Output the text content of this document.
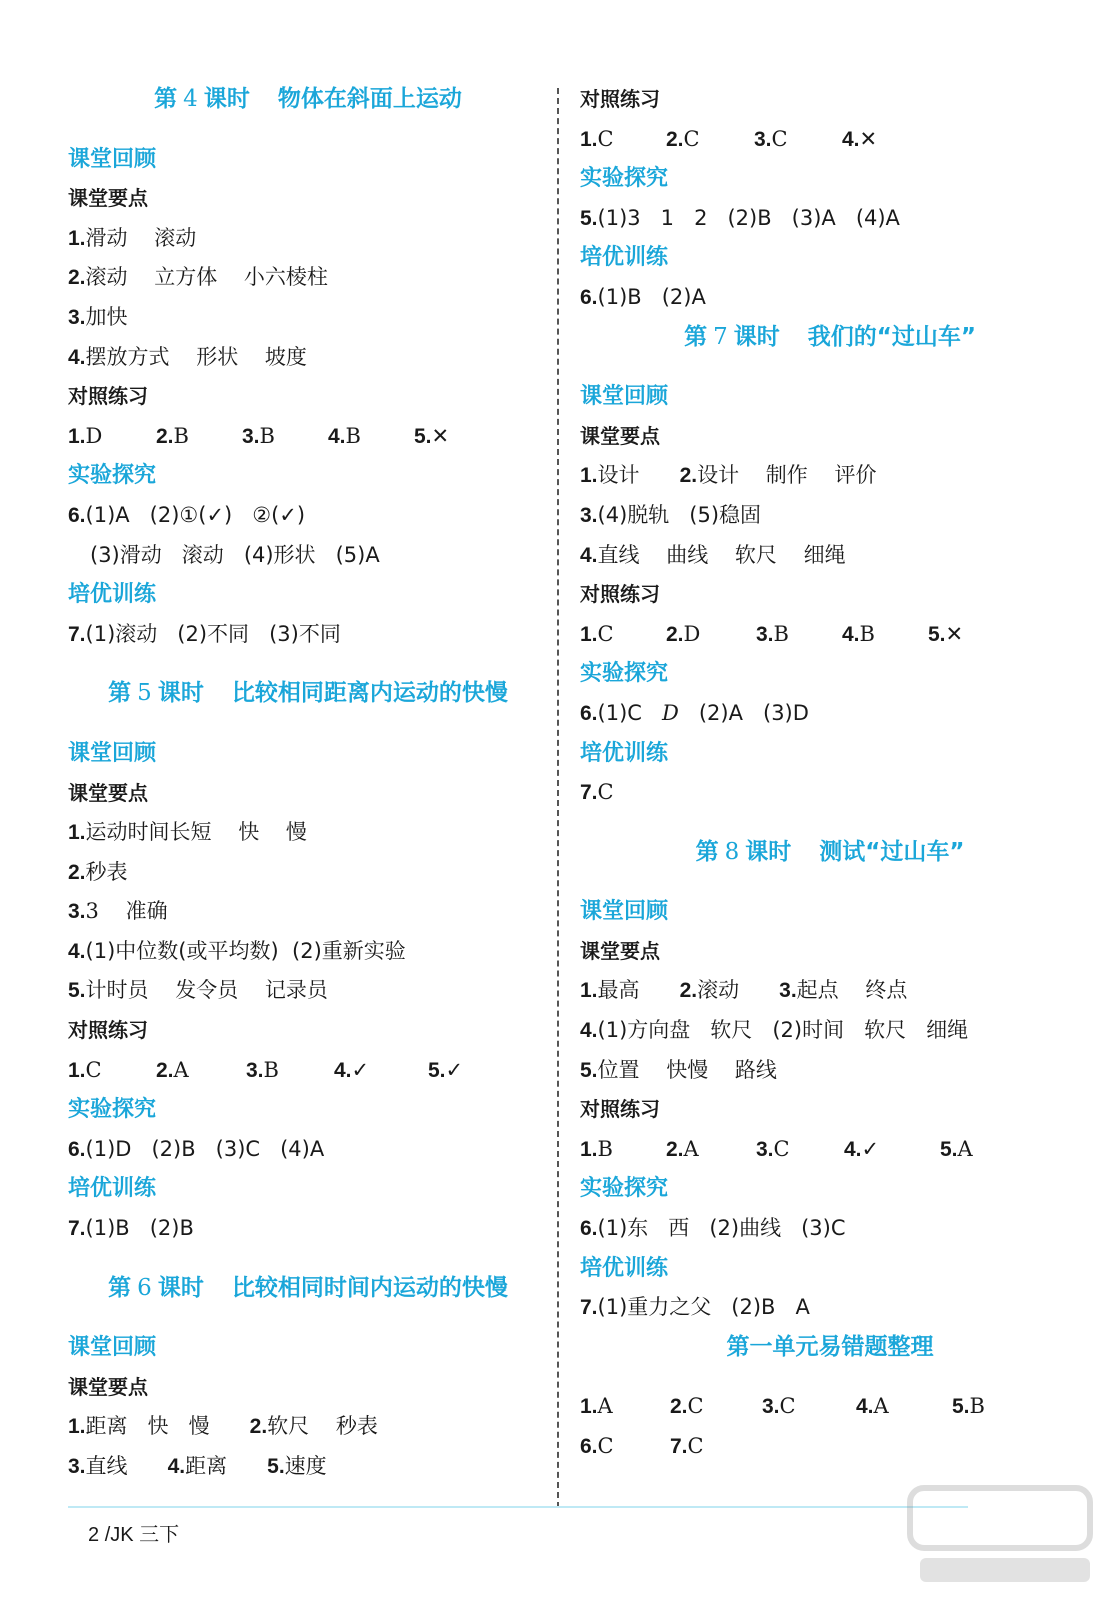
第 4 课时 物体在斜面上运动
课堂回顾
课堂要点
1.滑动 滚动
2.滚动 立方体 小六棱柱
3.加快
4.摆放方式 形状 坡度
对照练习
1.D	2.B	3.B	4.B	5.✕
实验探究
6.(1)A (2)①(✓) ②(✓)
(3)滑动 滚动 (4)形状 (5)A
培优训练
7.(1)滚动 (2)不同 (3)不同
第 5 课时 比较相同距离内运动的快慢
课堂回顾
课堂要点
1.运动时间长短 快 慢
2.秒表
3.3 准确
4.(1)中位数(或平均数) (2)重新实验
5.计时员 发令员 记录员
对照练习
1.C	2.A	3.B	4.✓	5.✓
实验探究
6.(1)D (2)B (3)C (4)A
培优训练
7.(1)B (2)B
第 6 课时 比较相同时间内运动的快慢
课堂回顾
课堂要点
1.距离 快 慢 2.软尺 秒表
3.直线 4.距离 5.速度
对照练习
1.C 2.C	3.C	4.✕
实验探究
5.(1)3 1 2 (2)B (3)A (4)A
培优训练
6.(1)B (2)A
第 7 课时 我们的“过山车”
课堂回顾
课堂要点
1.设计 2.设计 制作 评价
3.(4)脱轨 (5)稳固
4.直线 曲线 软尺 细绳
对照练习
1.C 2.D	3.B	4.B	5.✕
实验探究
6.(1)C D (2)A (3)D
培优训练
7.C
第 8 课时 测试“过山车”
课堂回顾
课堂要点
1.最高 2.滚动 3.起点 终点
4.(1)方向盘 软尺 (2)时间 软尺 细绳
5.位置 快慢 路线
对照练习
1.B	2.A	3.C	4.✓	5.A
实验探究
6.(1)东 西 (2)曲线 (3)C
培优训练
7.(1)重力之父 (2)B A
第一单元易错题整理
1.A	2.C	3.C	4.A	5.B
6.C	7.C
2 /JK 三下
